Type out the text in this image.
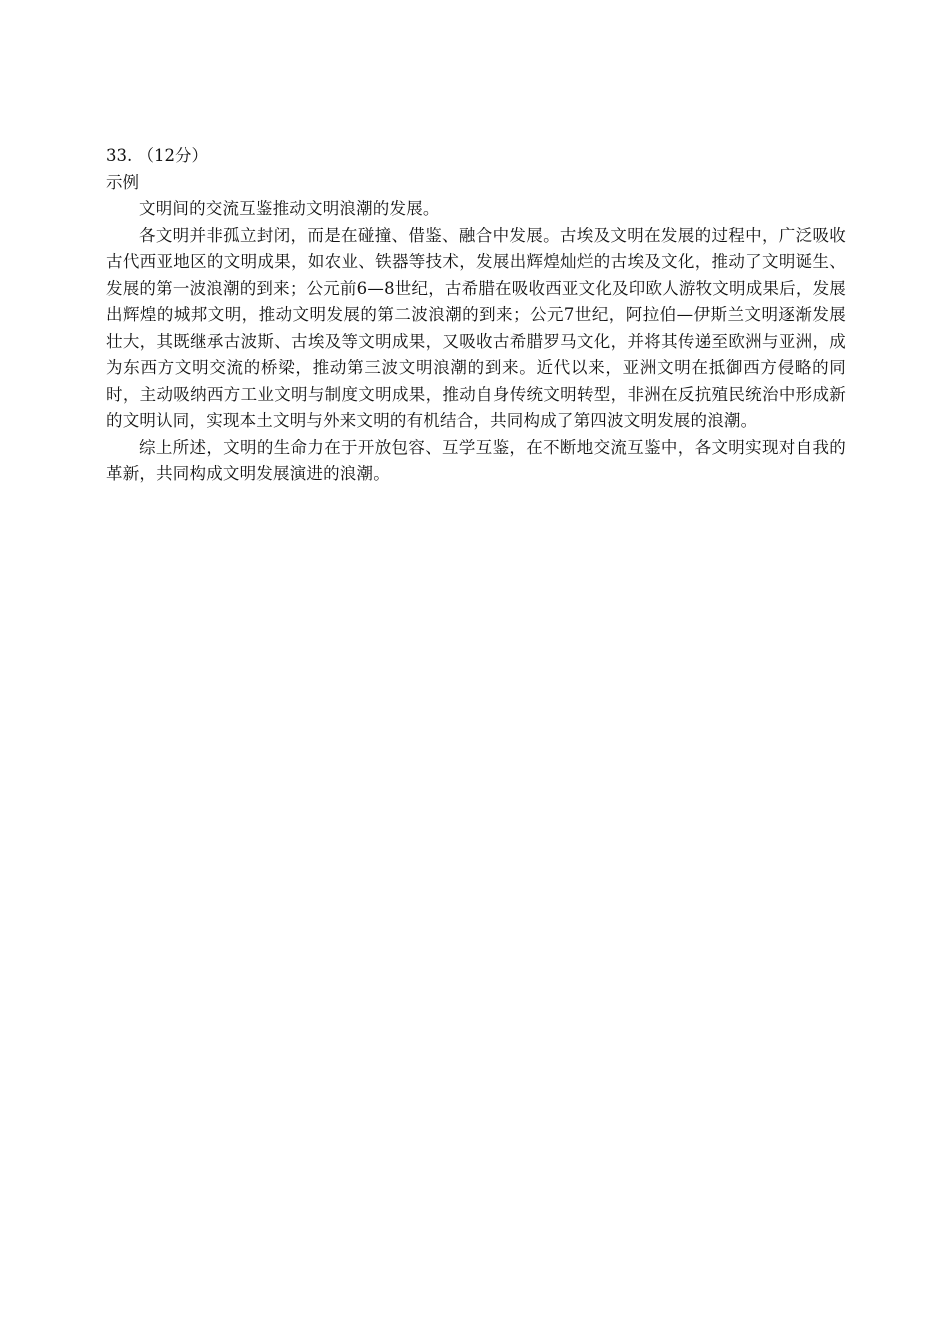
33. （12分）

示例

文明间的交流互鉴推动文明浪潮的发展。

各文明并非孤立封闭，而是在碰撞、借鉴、融合中发展。古埃及文明在发展的过程中，广泛吸收古代西亚地区的文明成果，如农业、铁器等技术，发展出辉煌灿烂的古埃及文化，推动了文明诞生、发展的第一波浪潮的到来；公元前6—8世纪，古希腊在吸收西亚文化及印欧人游牧文明成果后，发展出辉煌的城邦文明，推动文明发展的第二波浪潮的到来；公元7世纪，阿拉伯—伊斯兰文明逐渐发展壮大，其既继承古波斯、古埃及等文明成果，又吸收古希腊罗马文化，并将其传递至欧洲与亚洲，成为东西方文明交流的桥梁，推动第三波文明浪潮的到来。近代以来，亚洲文明在抵御西方侵略的同时，主动吸纳西方工业文明与制度文明成果，推动自身传统文明转型，非洲在反抗殖民统治中形成新的文明认同，实现本土文明与外来文明的有机结合，共同构成了第四波文明发展的浪潮。

综上所述，文明的生命力在于开放包容、互学互鉴，在不断地交流互鉴中，各文明实现对自我的革新，共同构成文明发展演进的浪潮。
